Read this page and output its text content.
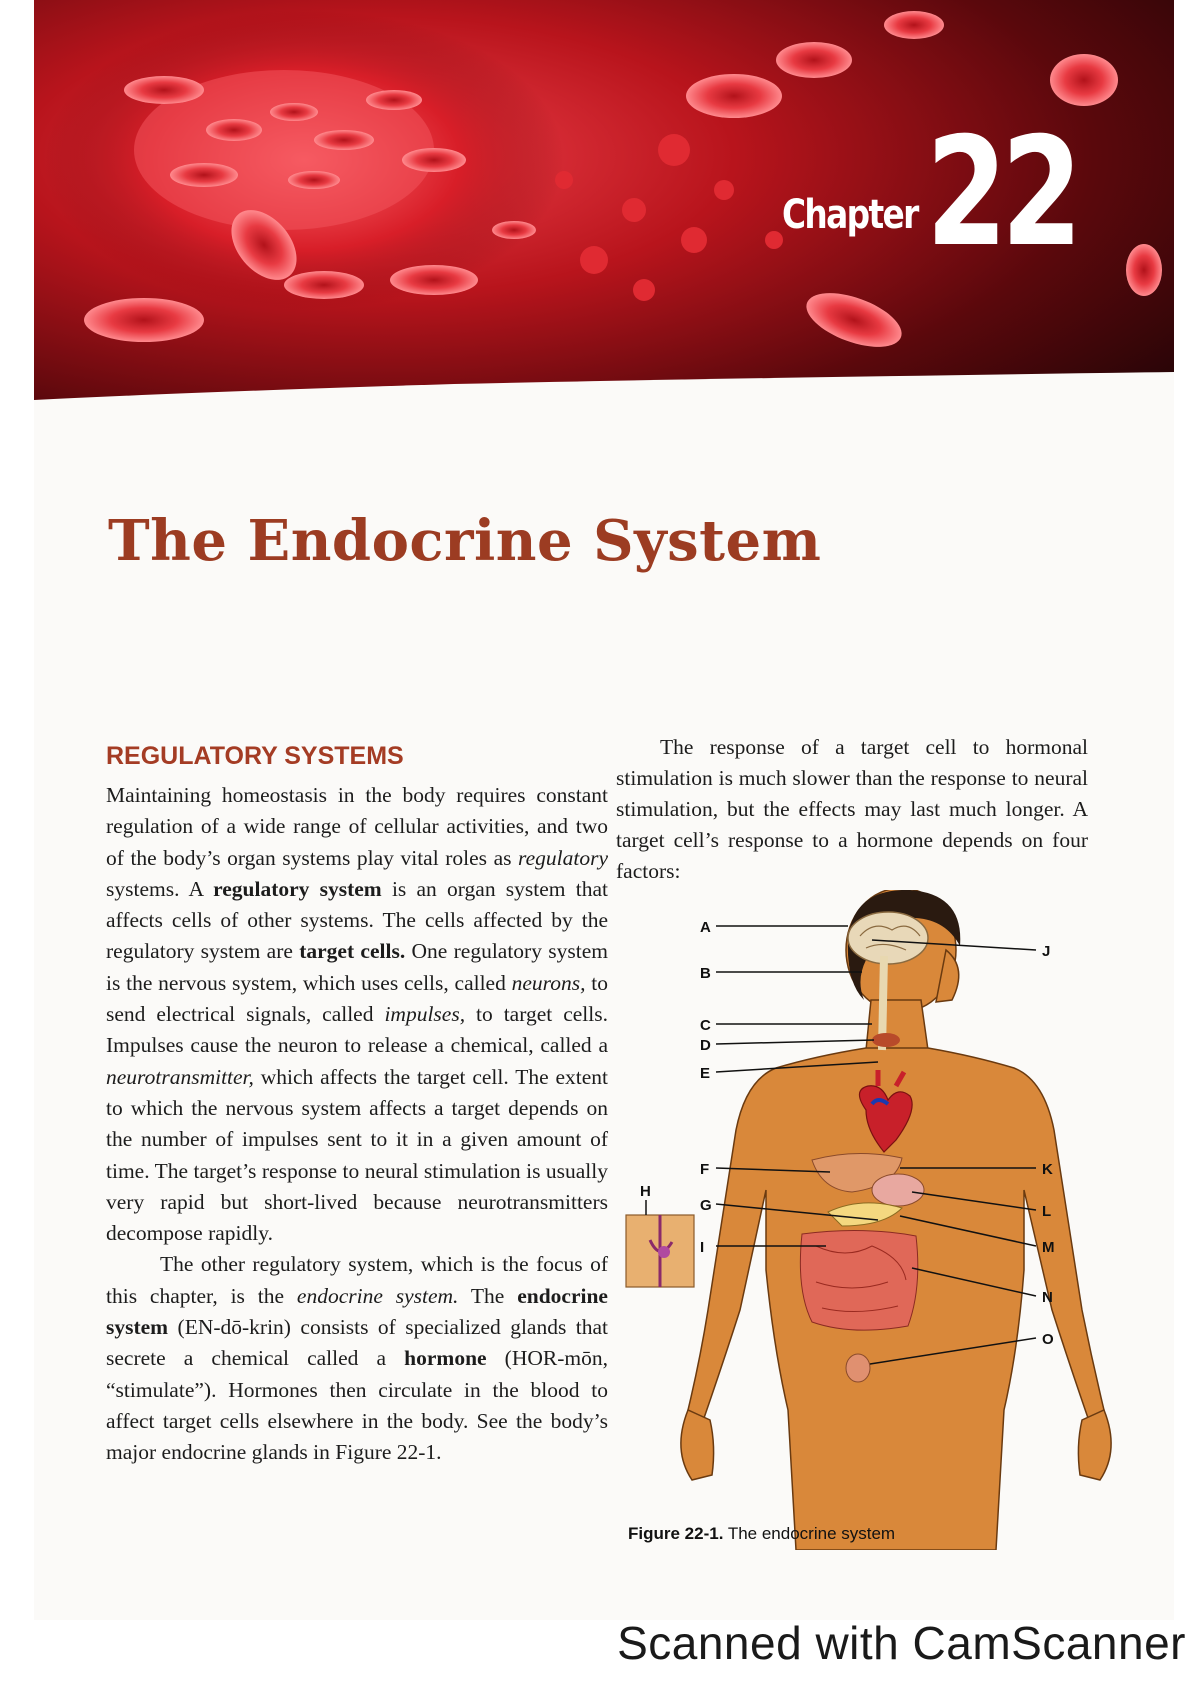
Chapter 22
The Endocrine System
REGULATORY SYSTEMS

Maintaining homeostasis in the body requires constant regulation of a wide range of cellular activities, and two of the body’s organ systems play vital roles as regulatory systems. A regulatory system is an organ system that affects cells of other systems. The cells affected by the regulatory system are target cells. One regulatory system is the nervous system, which uses cells, called neurons, to send electrical signals, called impulses, to target cells. Impulses cause the neuron to release a chemical, called a neurotransmitter, which affects the target cell. The extent to which the nervous system affects a target depends on the number of impulses sent to it in a given amount of time. The target’s response to neural stimulation is usually very rapid but short-lived because neurotransmitters decompose rapidly.

The other regulatory system, which is the focus of this chapter, is the endocrine system. The endocrine system (EN-dō-krin) consists of specialized glands that secrete a chemical called a hormone (HOR-mōn, “stimulate”). Hormones then circulate in the blood to affect target cells elsewhere in the body. See the body’s major endocrine glands in Figure 22-1.

The response of a target cell to hormonal stimulation is much slower than the response to neural stimulation, but the effects may last much longer. A target cell’s response to a hormone depends on four factors:

A
B
C
D
E
F
G
I
H
J
K
L
M
N
O
Figure 22-1. The endocrine system
Scanned with CamScanner
